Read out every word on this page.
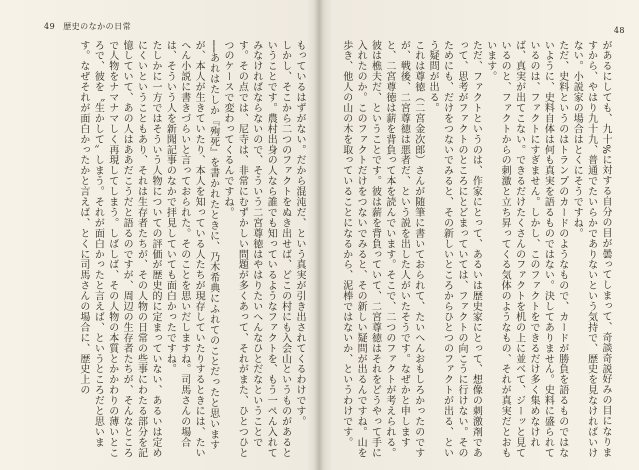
49 歴史のなかの日常
もっているはずがない。だから混沌だ、という真実が引き出されてくるわけです。
しかし、そこから二つのファクトをぬき出せば、どこの村にも入会山というものがあるということです。農村出身の人なら誰でも知っているようなファクトを、もう一ぺん入れてみなければならないので、そういう二宮尊徳はやはりたいへんなひとだなということです。その点では、尼寺は、非常にむずかしい問題が多くあって、それがまた、ひとつひとつのケースで変わってくるんですね。
──あれはたしか『殉死』を書かれたときに、乃木希典にふれてのことだったと思いますが、本人が生きていたり、本人を知っている人たちが現存していたりするときには、たいへん小説に書きづらいと言っておられた。そのことを思いだしますね。司馬さんの場合は、そういう人を新聞記事のなかで拝見していても面白かったですね。
たしかに一方ではそういう人物についての評価が歴史的に定まっていない、あるいは定めにくいということもあり、それは生存者たちが、その人物の日常の些事にわたる部分を記憶していて、あの人はああだこうだと語るのですが、周辺の生存者たちが、そんなところで人物をナマナマしく再現してしまう。しばしば、その人物の本質とかかわりの薄いところで、彼を〝生かして〟しまう。それが面白かったと言えば、というところだと思います。なぜそれが面白かったかと言えば、とくに司馬さんの場合に、歴史上の
48
があるにしても、九十%に対する自分の目が曇ってしまって、奇談奇説好みの目になりますから、やはり九十九、普通でたいらかでありないという気持で、歴史を見なければいけない。小説家の場合はとくにそうですね。
ただ、史料というのはトランプのカードのようなもので、カードが勝負を語るものではないように、史料自体は何も真実を語るものではない。決してありません。史料に盛られているのは、ファクトにすぎません。しかし、このファクトをできるだけ多く集めなければ、真実が出てこない。できるだけたくさんのファクトを机の上に並べて、ジーッと見ているのと、ファクトからの刺激と立ち昇ってくる気体のようなもの、それが真実だとおもいます。
ただ、ファクトというのは、作家にとって、あるいは歴史家にとって、想像の刺激剤であって、思考がファクトのところにとどまっていては、ファクトの向こうに行けない。そのためにも、だけをつないでみると、その新しいところからひとつのファクトが出る、という疑問が出る。
これは尊徳（二宮金次郎）さんが随筆に書いておられて、たいへんおもしろかったのですが、戦後、二宮尊徳は悪者だ、という説を出した人がいたそうです。なぜかと申しますと、二宮尊徳は薪を背負って本を読んでいます。そこで、二つのファクトが考えられる。彼は樵夫だ、ということです。彼は薪を背負っていて、二宮尊徳はそれをどうやって手に入れたのか。このファクトだけをつないでみると、その新しい疑問が出るんですね。山を歩き、他人の山の木を取っていることになるから、泥棒ではないか、というわけです。
